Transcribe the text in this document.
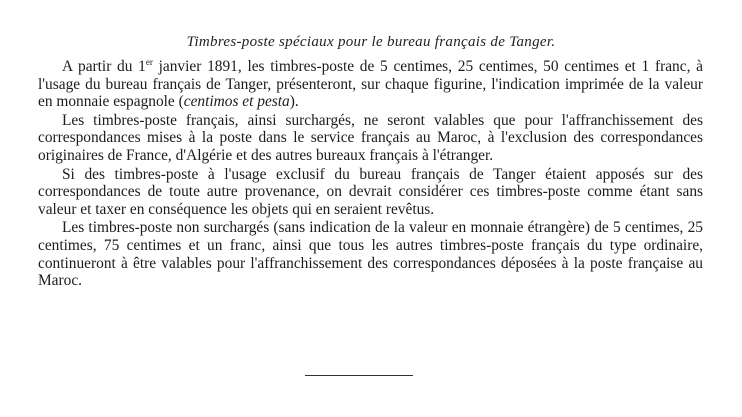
Timbres-poste spéciaux pour le bureau français de Tanger.

A partir du 1er janvier 1891, les timbres-poste de 5 centimes, 25 centimes, 50 centimes et 1 franc, à l'usage du bureau français de Tanger, présenteront, sur chaque figurine, l'indication imprimée de la valeur en monnaie espagnole (centimos et pesta).

Les timbres-poste français, ainsi surchargés, ne seront valables que pour l'affranchissement des correspondances mises à la poste dans le service français au Maroc, à l'exclusion des correspondances originaires de France, d'Algérie et des autres bureaux français à l'étranger.

Si des timbres-poste à l'usage exclusif du bureau français de Tanger étaient apposés sur des correspondances de toute autre provenance, on devrait considérer ces timbres-poste comme étant sans valeur et taxer en conséquence les objets qui en seraient revêtus.

Les timbres-poste non surchargés (sans indication de la valeur en monnaie étrangère) de 5 centimes, 25 centimes, 75 centimes et un franc, ainsi que tous les autres timbres-poste français du type ordinaire, continueront à être valables pour l'affranchissement des correspondances déposées à la poste française au Maroc.
